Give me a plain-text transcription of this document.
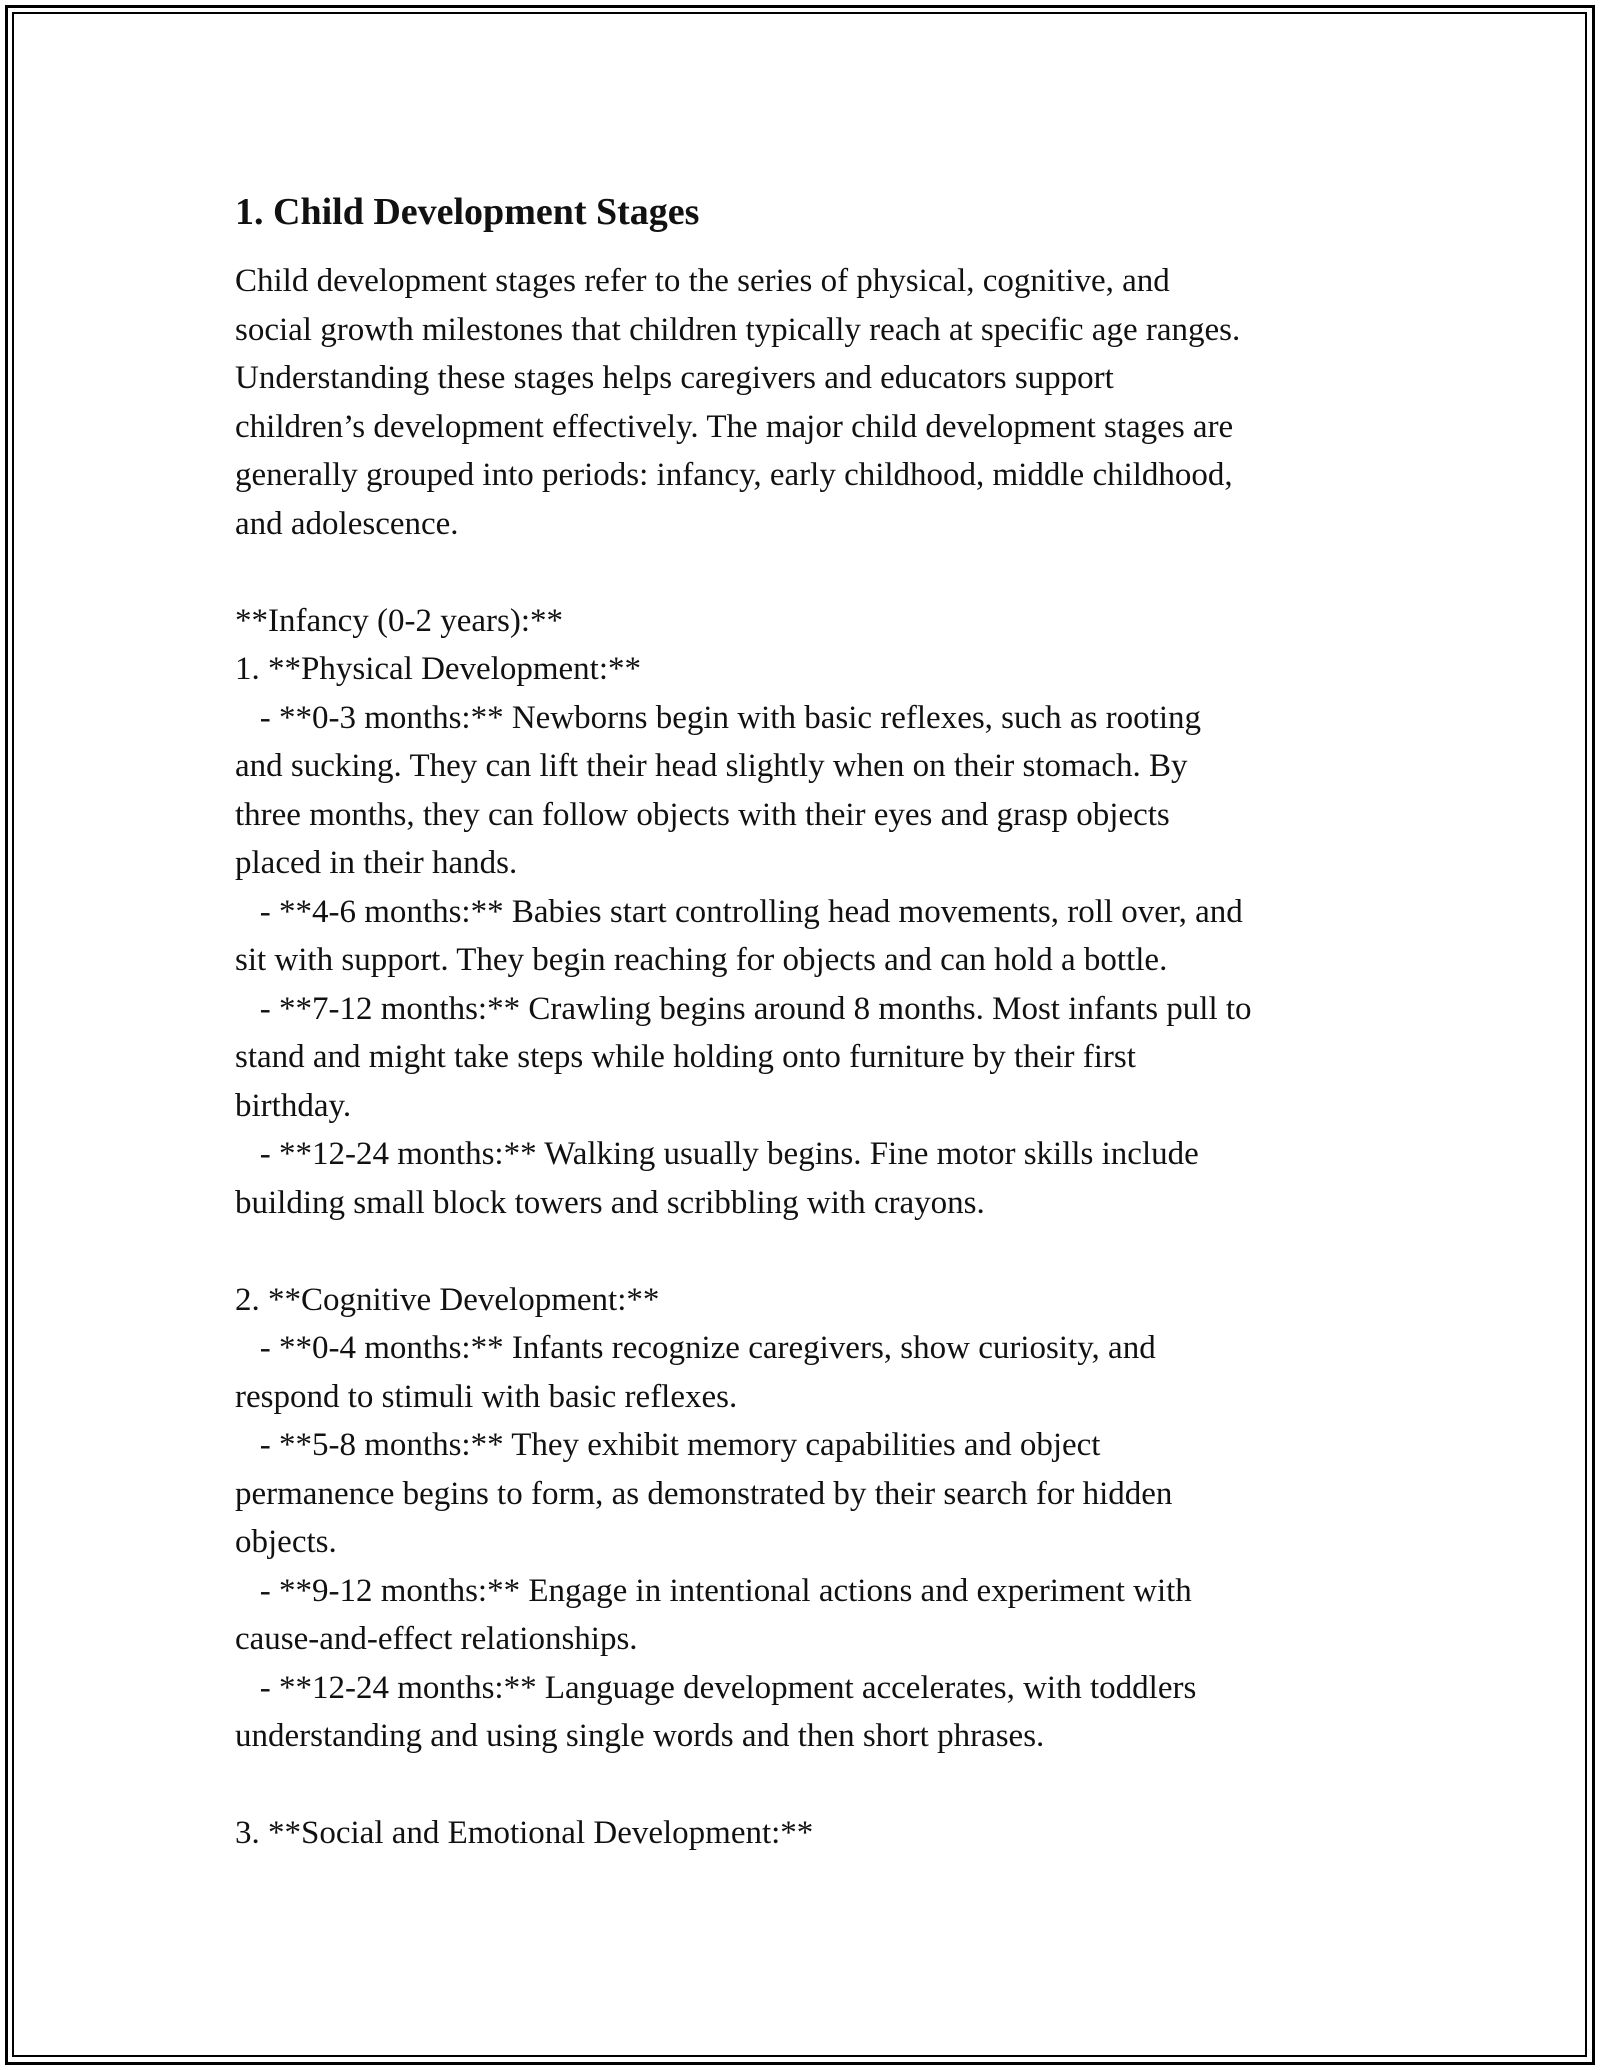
1. Child Development Stages
Child development stages refer to the series of physical, cognitive, and
social growth milestones that children typically reach at specific age ranges.
Understanding these stages helps caregivers and educators support
children’s development effectively. The major child development stages are
generally grouped into periods: infancy, early childhood, middle childhood,
and adolescence.
**Infancy (0-2 years):**
1. **Physical Development:**
- **0-3 months:** Newborns begin with basic reflexes, such as rooting
and sucking. They can lift their head slightly when on their stomach. By
three months, they can follow objects with their eyes and grasp objects
placed in their hands.
- **4-6 months:** Babies start controlling head movements, roll over, and
sit with support. They begin reaching for objects and can hold a bottle.
- **7-12 months:** Crawling begins around 8 months. Most infants pull to
stand and might take steps while holding onto furniture by their first
birthday.
- **12-24 months:** Walking usually begins. Fine motor skills include
building small block towers and scribbling with crayons.
2. **Cognitive Development:**
- **0-4 months:** Infants recognize caregivers, show curiosity, and
respond to stimuli with basic reflexes.
- **5-8 months:** They exhibit memory capabilities and object
permanence begins to form, as demonstrated by their search for hidden
objects.
- **9-12 months:** Engage in intentional actions and experiment with
cause-and-effect relationships.
- **12-24 months:** Language development accelerates, with toddlers
understanding and using single words and then short phrases.
3. **Social and Emotional Development:**
